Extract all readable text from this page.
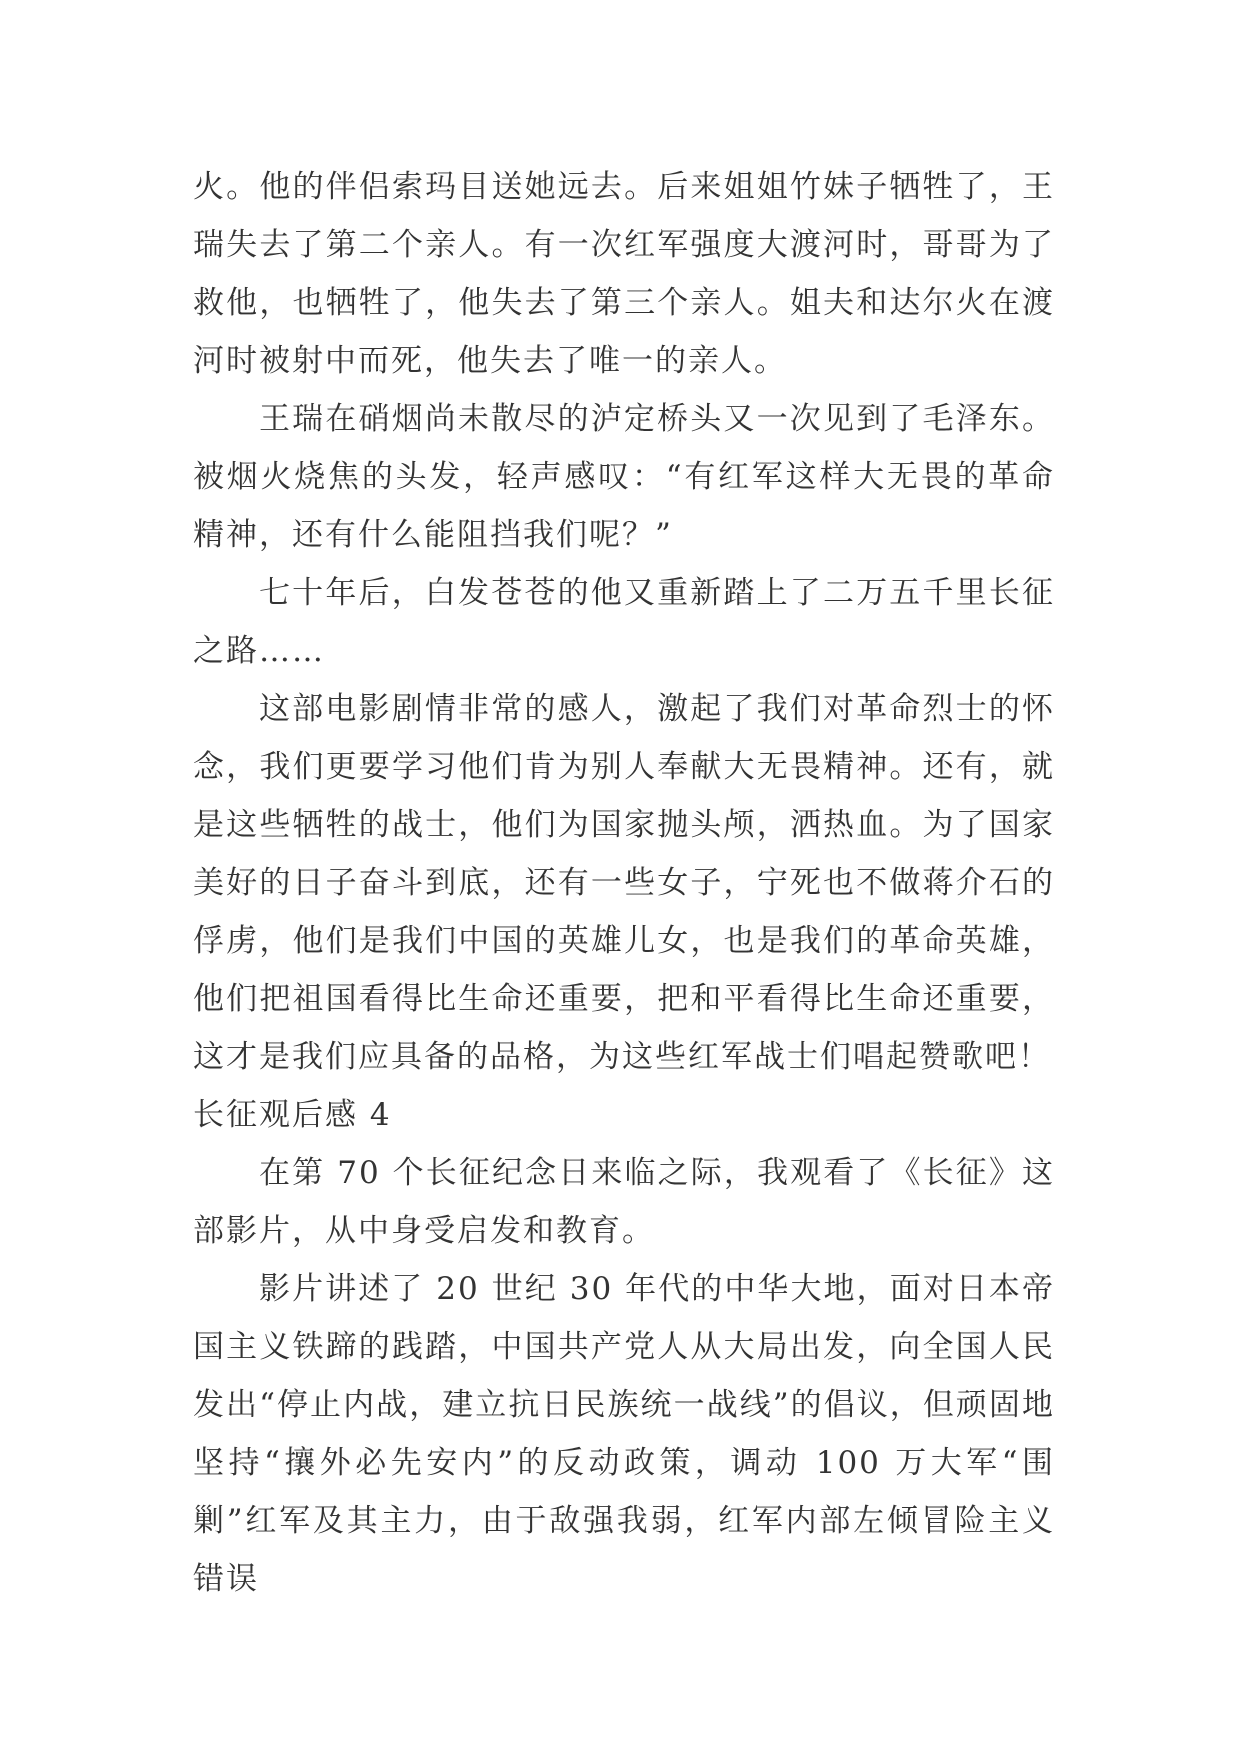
火。他的伴侣索玛目送她远去。后来姐姐竹妹子牺牲了，王瑞失去了第二个亲人。有一次红军强度大渡河时，哥哥为了救他，也牺牲了，他失去了第三个亲人。姐夫和达尔火在渡河时被射中而死，他失去了唯一的亲人。

王瑞在硝烟尚未散尽的泸定桥头又一次见到了毛泽东。被烟火烧焦的头发，轻声感叹：“有红军这样大无畏的革命精神，还有什么能阻挡我们呢？”

七十年后，白发苍苍的他又重新踏上了二万五千里长征之路……

这部电影剧情非常的感人，激起了我们对革命烈士的怀念，我们更要学习他们肯为别人奉献大无畏精神。还有，就是这些牺牲的战士，他们为国家抛头颅，洒热血。为了国家美好的日子奋斗到底，还有一些女子，宁死也不做蒋介石的俘虏，他们是我们中国的英雄儿女，也是我们的革命英雄，他们把祖国看得比生命还重要，把和平看得比生命还重要，这才是我们应具备的品格，为这些红军战士们唱起赞歌吧！

长征观后感 4

在第 70 个长征纪念日来临之际，我观看了《长征》这部影片，从中身受启发和教育。

影片讲述了 20 世纪 30 年代的中华大地，面对日本帝国主义铁蹄的践踏，中国共产党人从大局出发，向全国人民发出“停止内战，建立抗日民族统一战线”的倡议，但顽固地坚持“攘外必先安内”的反动政策，调动 100 万大军“围剿”红军及其主力，由于敌强我弱，红军内部左倾冒险主义错误
